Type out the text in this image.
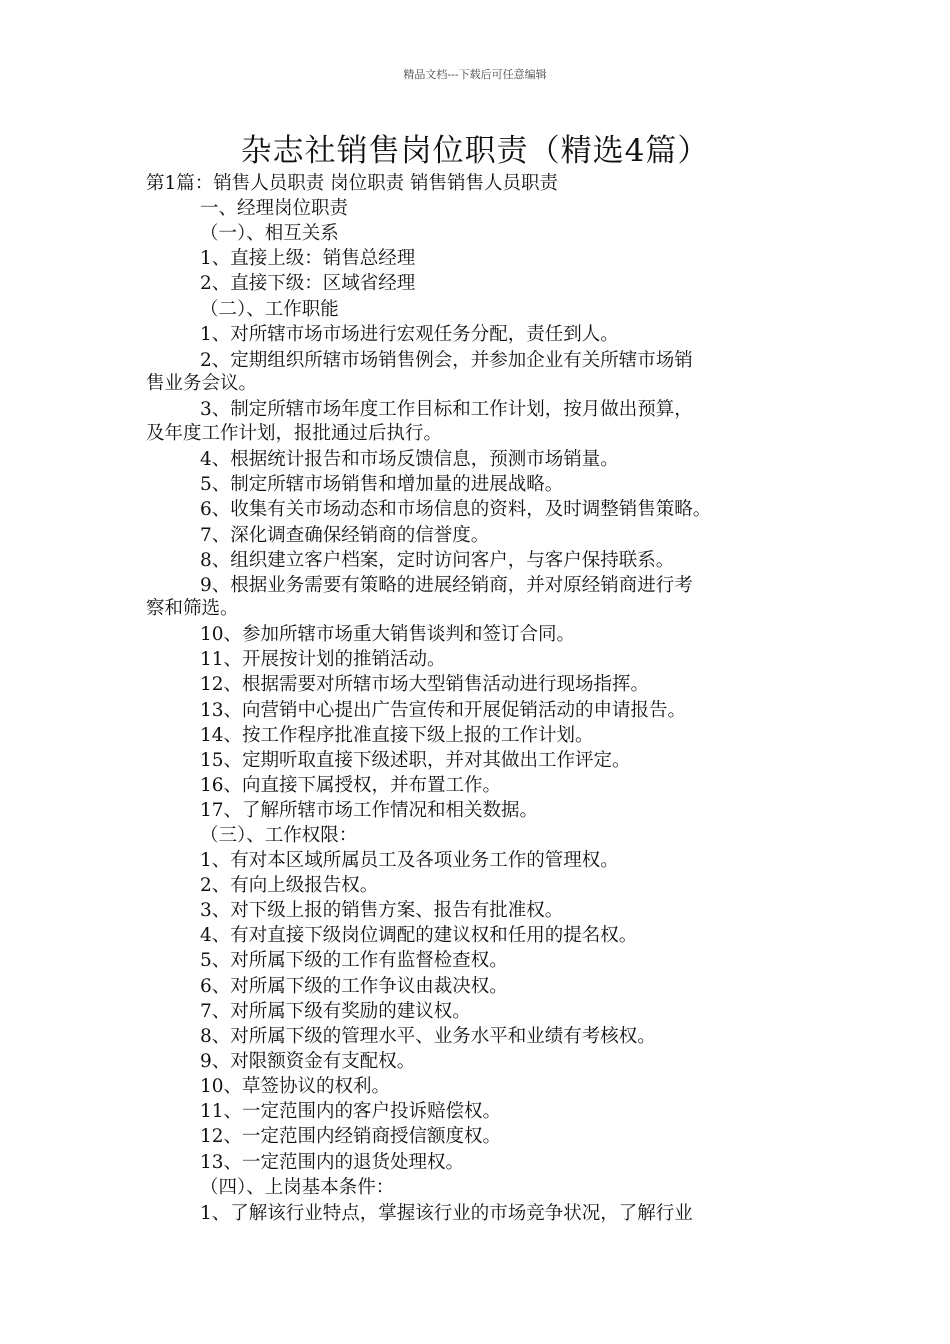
精品文档---下载后可任意编辑
杂志社销售岗位职责（精选4篇）
第1篇：销售人员职责 岗位职责 销售销售人员职责
一、经理岗位职责
（一）、相互关系
1、直接上级：销售总经理
2、直接下级：区域省经理
（二）、工作职能
1、对所辖市场市场进行宏观任务分配，责任到人。
2、定期组织所辖市场销售例会，并参加企业有关所辖市场销
售业务会议。
3、制定所辖市场年度工作目标和工作计划，按月做出预算，
及年度工作计划，报批通过后执行。
4、根据统计报告和市场反馈信息，预测市场销量。
5、制定所辖市场销售和增加量的进展战略。
6、收集有关市场动态和市场信息的资料，及时调整销售策略。
7、深化调查确保经销商的信誉度。
8、组织建立客户档案，定时访问客户，与客户保持联系。
9、根据业务需要有策略的进展经销商，并对原经销商进行考
察和筛选。
10、参加所辖市场重大销售谈判和签订合同。
11、开展按计划的推销活动。
12、根据需要对所辖市场大型销售活动进行现场指挥。
13、向营销中心提出广告宣传和开展促销活动的申请报告。
14、按工作程序批准直接下级上报的工作计划。
15、定期听取直接下级述职，并对其做出工作评定。
16、向直接下属授权，并布置工作。
17、了解所辖市场工作情况和相关数据。
（三）、工作权限：
1、有对本区域所属员工及各项业务工作的管理权。
2、有向上级报告权。
3、对下级上报的销售方案、报告有批准权。
4、有对直接下级岗位调配的建议权和任用的提名权。
5、对所属下级的工作有监督检查权。
6、对所属下级的工作争议由裁决权。
7、对所属下级有奖励的建议权。
8、对所属下级的管理水平、业务水平和业绩有考核权。
9、对限额资金有支配权。
10、草签协议的权利。
11、一定范围内的客户投诉赔偿权。
12、一定范围内经销商授信额度权。
13、一定范围内的退货处理权。
（四）、上岗基本条件：
1、了解该行业特点，掌握该行业的市场竞争状况，了解行业
